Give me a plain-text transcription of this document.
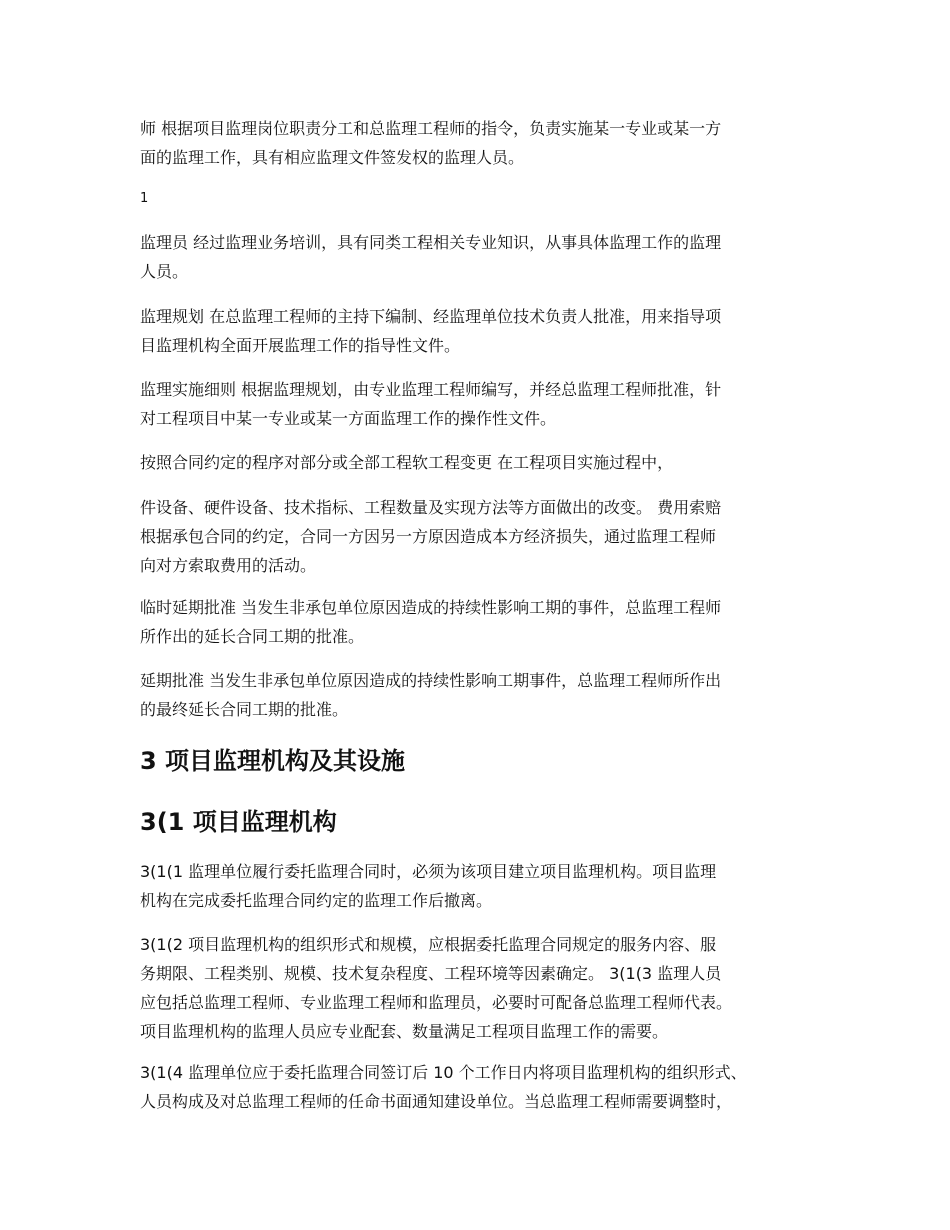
师 根据项目监理岗位职责分工和总监理工程师的指令，负责实施某一专业或某一方
面的监理工作，具有相应监理文件签发权的监理人员。
1
监理员 经过监理业务培训，具有同类工程相关专业知识，从事具体监理工作的监理
人员。
监理规划 在总监理工程师的主持下编制、经监理单位技术负责人批准，用来指导项
目监理机构全面开展监理工作的指导性文件。
监理实施细则 根据监理规划，由专业监理工程师编写，并经总监理工程师批准，针
对工程项目中某一专业或某一方面监理工作的操作性文件。
按照合同约定的程序对部分或全部工程软工程变更 在工程项目实施过程中，
件设备、硬件设备、技术指标、工程数量及实现方法等方面做出的改变。 费用索赔
根据承包合同的约定，合同一方因另一方原因造成本方经济损失，通过监理工程师
向对方索取费用的活动。
临时延期批准 当发生非承包单位原因造成的持续性影响工期的事件，总监理工程师
所作出的延长合同工期的批准。
延期批准 当发生非承包单位原因造成的持续性影响工期事件，总监理工程师所作出
的最终延长合同工期的批准。
3 项目监理机构及其设施
3(1 项目监理机构
3(1(1 监理单位履行委托监理合同时，必须为该项目建立项目监理机构。项目监理
机构在完成委托监理合同约定的监理工作后撤离。
3(1(2 项目监理机构的组织形式和规模，应根据委托监理合同规定的服务内容、服
务期限、工程类别、规模、技术复杂程度、工程环境等因素确定。 3(1(3 监理人员
应包括总监理工程师、专业监理工程师和监理员，必要时可配备总监理工程师代表。
项目监理机构的监理人员应专业配套、数量满足工程项目监理工作的需要。
3(1(4 监理单位应于委托监理合同签订后 10 个工作日内将项目监理机构的组织形式、
人员构成及对总监理工程师的任命书面通知建设单位。当总监理工程师需要调整时，
